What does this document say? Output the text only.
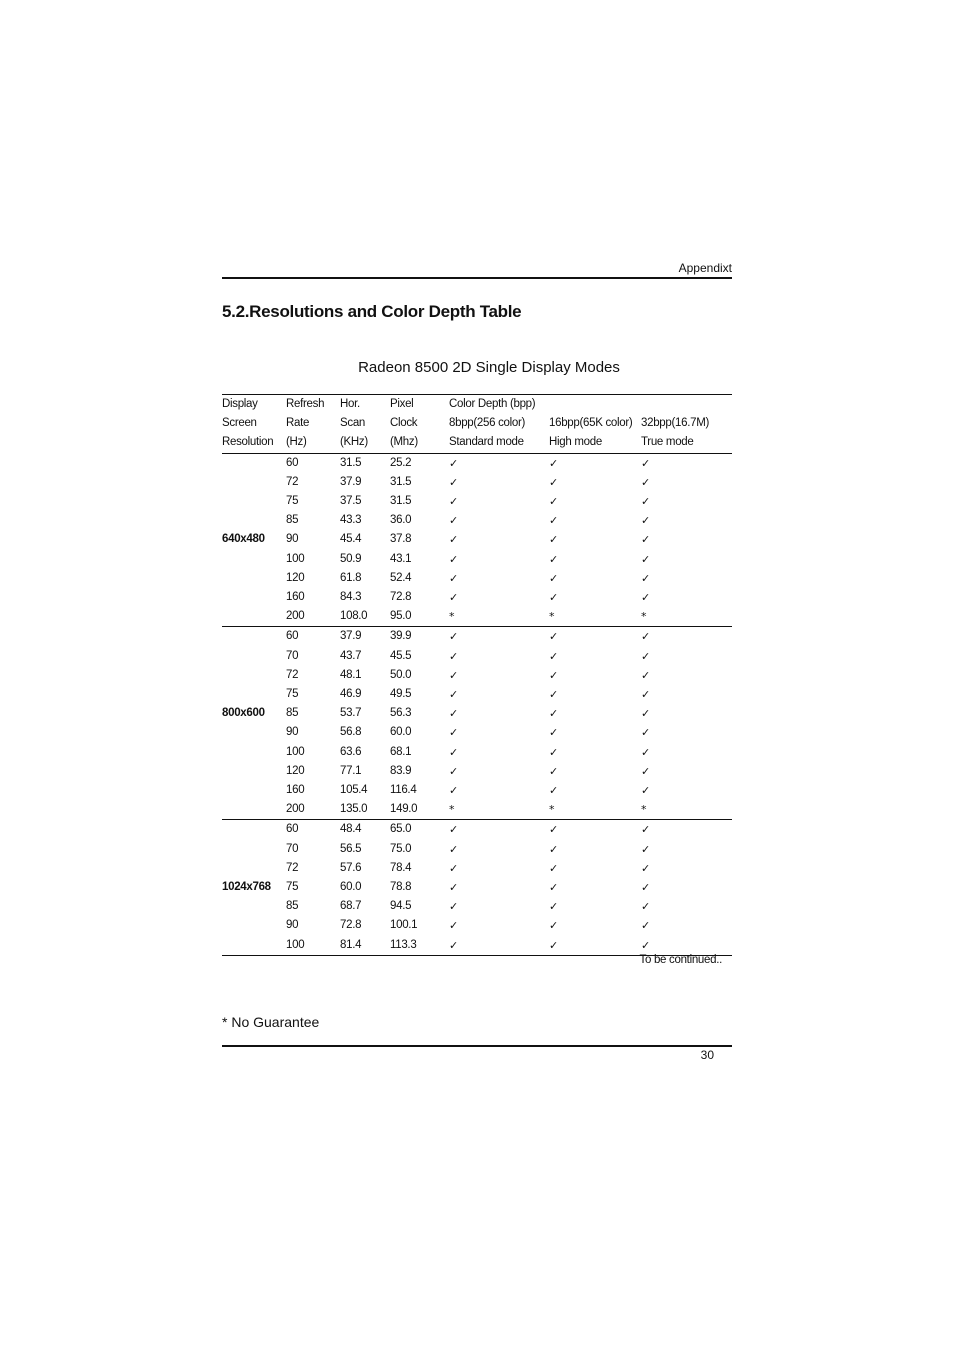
Appendixt
5.2.Resolutions and Color Depth Table
Radeon 8500 2D Single Display Modes
Display	Refresh	Hor.	Pixel	Color Depth (bpp)		
Screen	Rate	Scan	Clock	8bpp(256 color)	16bpp(65K color)	32bpp(16.7M)
Resolution	(Hz)	(KHz)	(Mhz)	Standard mode	High mode	True mode
	60	31.5	25.2	✓	✓	✓
	72	37.9	31.5	✓	✓	✓
	75	37.5	31.5	✓	✓	✓
	85	43.3	36.0	✓	✓	✓
640x480	90	45.4	37.8	✓	✓	✓
	100	50.9	43.1	✓	✓	✓
	120	61.8	52.4	✓	✓	✓
	160	84.3	72.8	✓	✓	✓
	200	108.0	95.0	*	*	*
	60	37.9	39.9	✓	✓	✓
	70	43.7	45.5	✓	✓	✓
	72	48.1	50.0	✓	✓	✓
	75	46.9	49.5	✓	✓	✓
800x600	85	53.7	56.3	✓	✓	✓
	90	56.8	60.0	✓	✓	✓
	100	63.6	68.1	✓	✓	✓
	120	77.1	83.9	✓	✓	✓
	160	105.4	116.4	✓	✓	✓
	200	135.0	149.0	*	*	*
	60	48.4	65.0	✓	✓	✓
	70	56.5	75.0	✓	✓	✓
	72	57.6	78.4	✓	✓	✓
1024x768	75	60.0	78.8	✓	✓	✓
	85	68.7	94.5	✓	✓	✓
	90	72.8	100.1	✓	✓	✓
	100	81.4	113.3	✓	✓	✓
To be continued..
* No Guarantee
30
